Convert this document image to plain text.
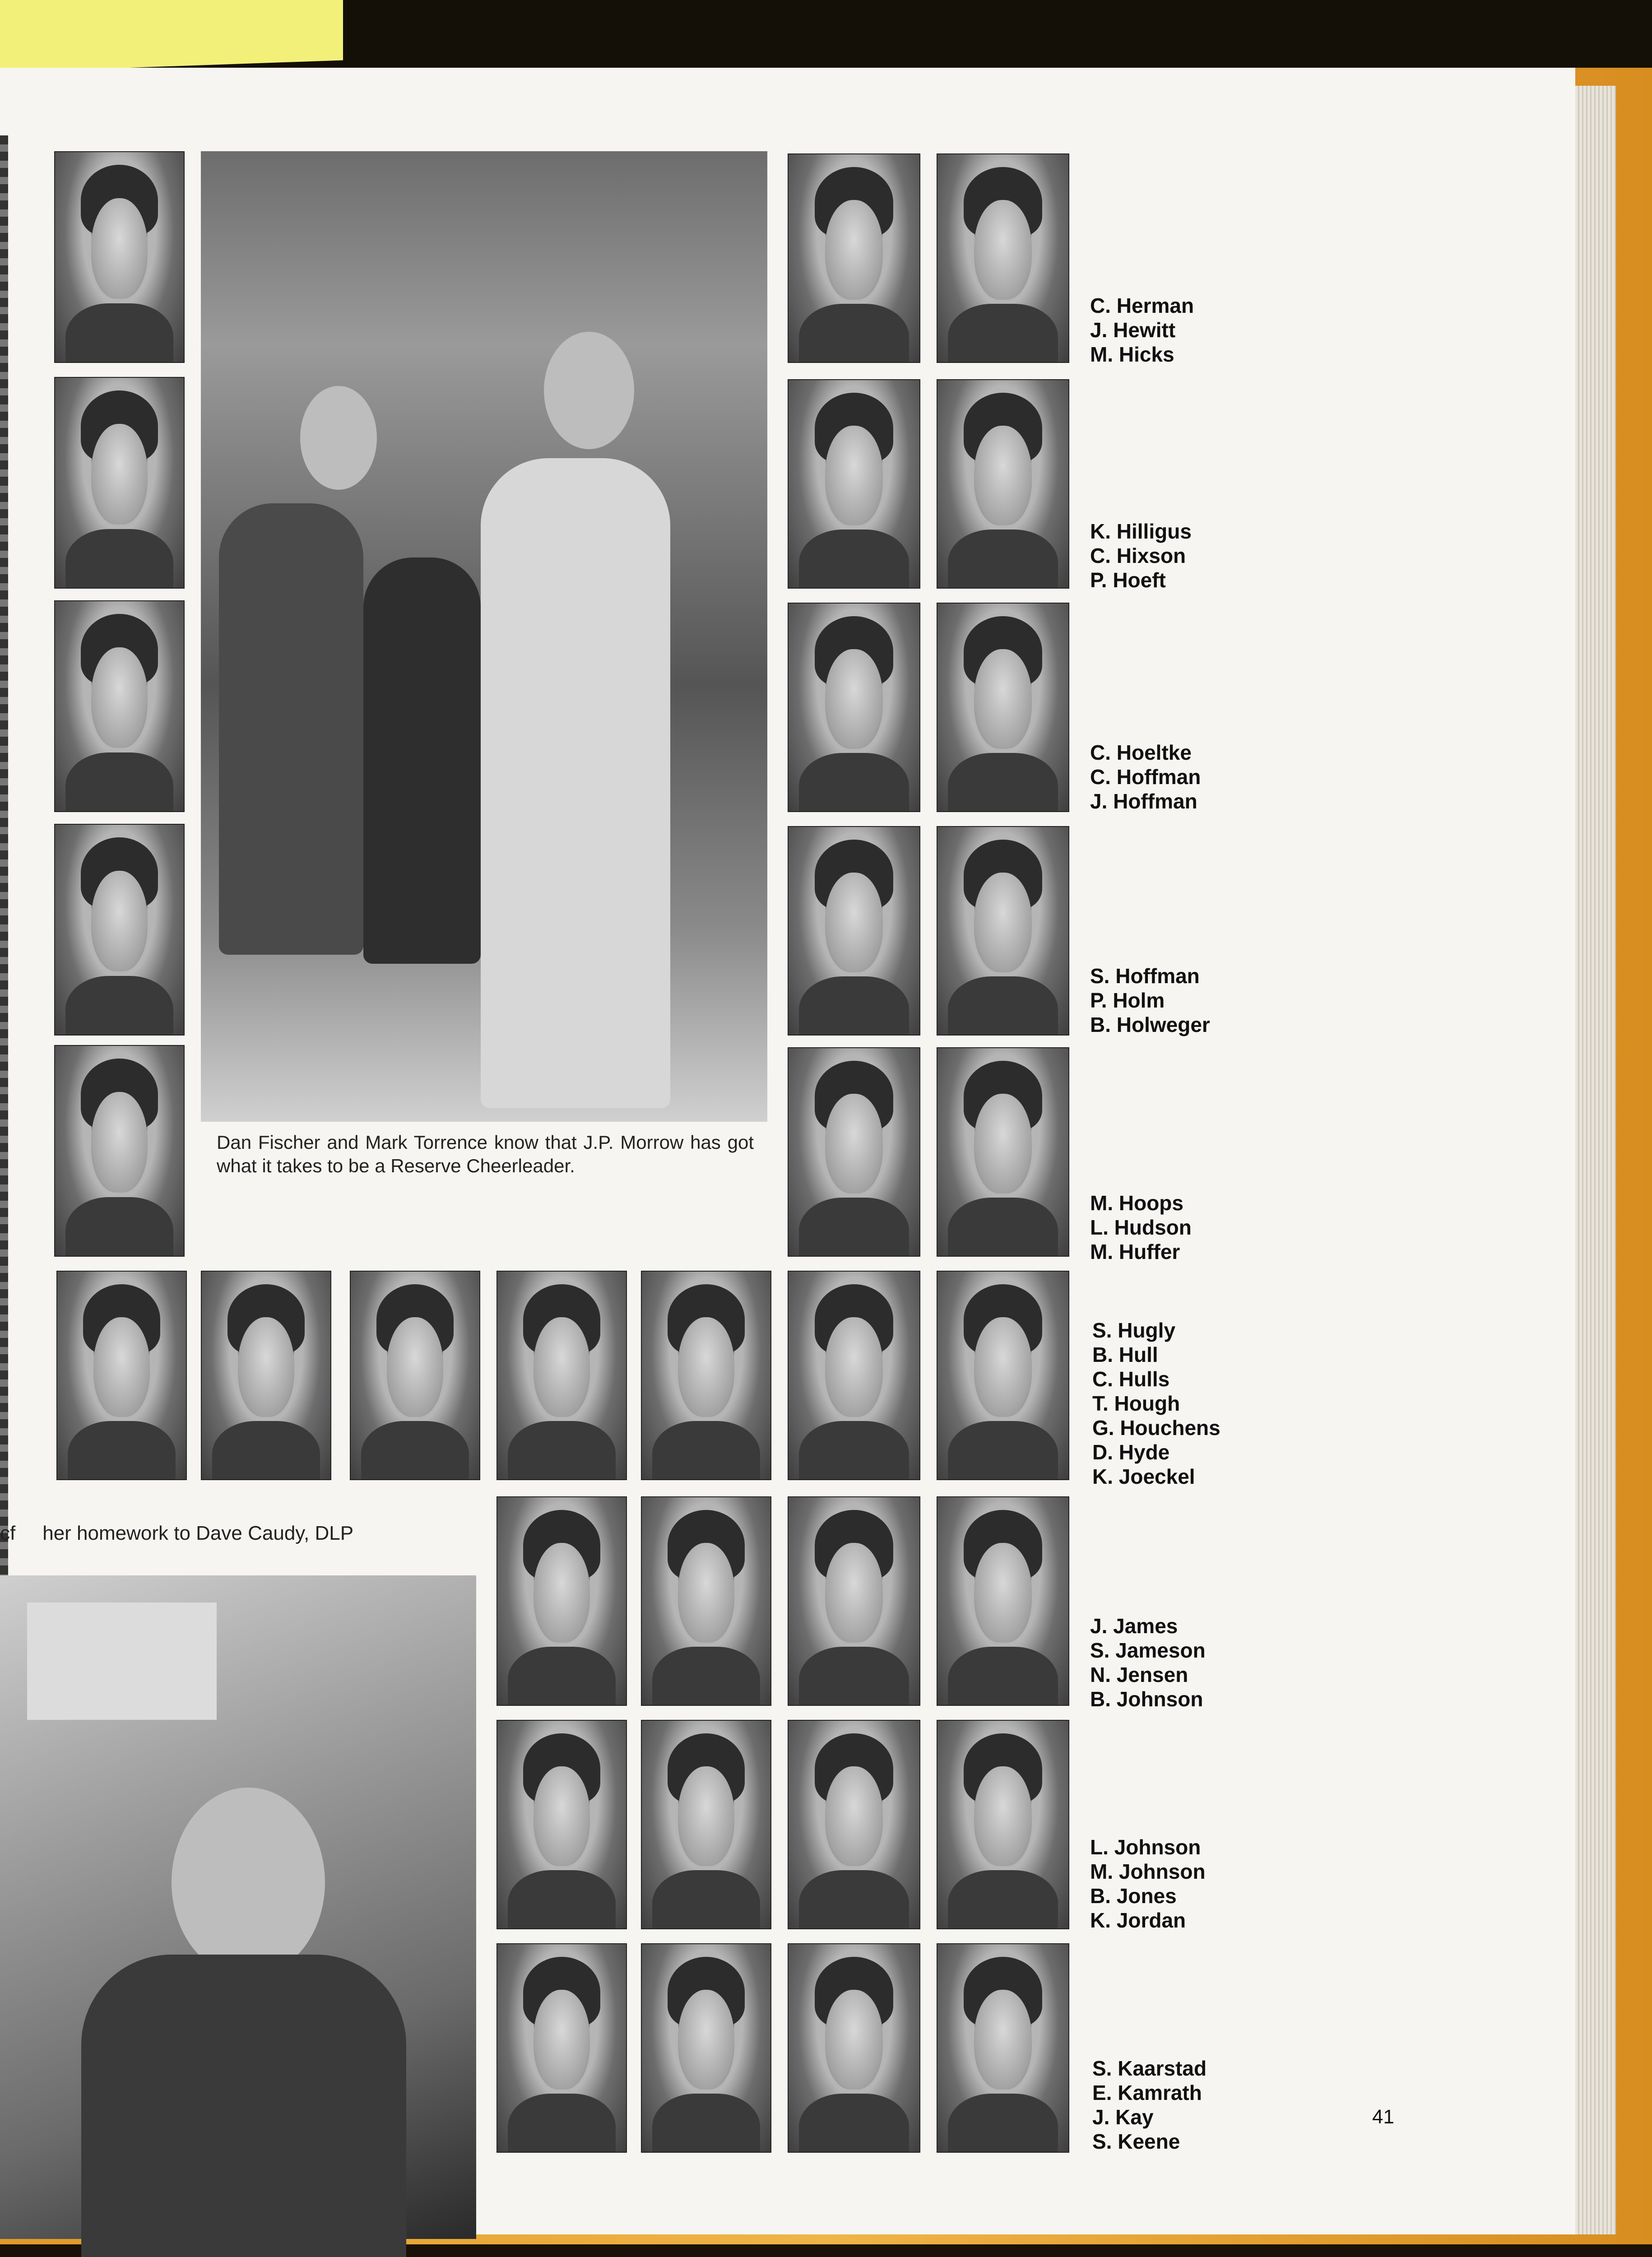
Dan Fischer and Mark Torrence know that J.P. Morrow has got what it takes to be a Reserve Cheerleader.
C. Herman
J. Hewitt
M. Hicks
K. Hilligus
C. Hixson
P. Hoeft
C. Hoeltke
C. Hoffman
J. Hoffman
S. Hoffman
P. Holm
B. Holweger
M. Hoops
L. Hudson
M. Huffer
S. Hugly
B. Hull
C. Hulls
T. Hough
G. Houchens
D. Hyde
K. Joeckel
cf her homework to Dave Caudy, DLP
J. James
S. Jameson
N. Jensen
B. Johnson
L. Johnson
M. Johnson
B. Jones
K. Jordan
S. Kaarstad
E. Kamrath
J. Kay
S. Keene
41
